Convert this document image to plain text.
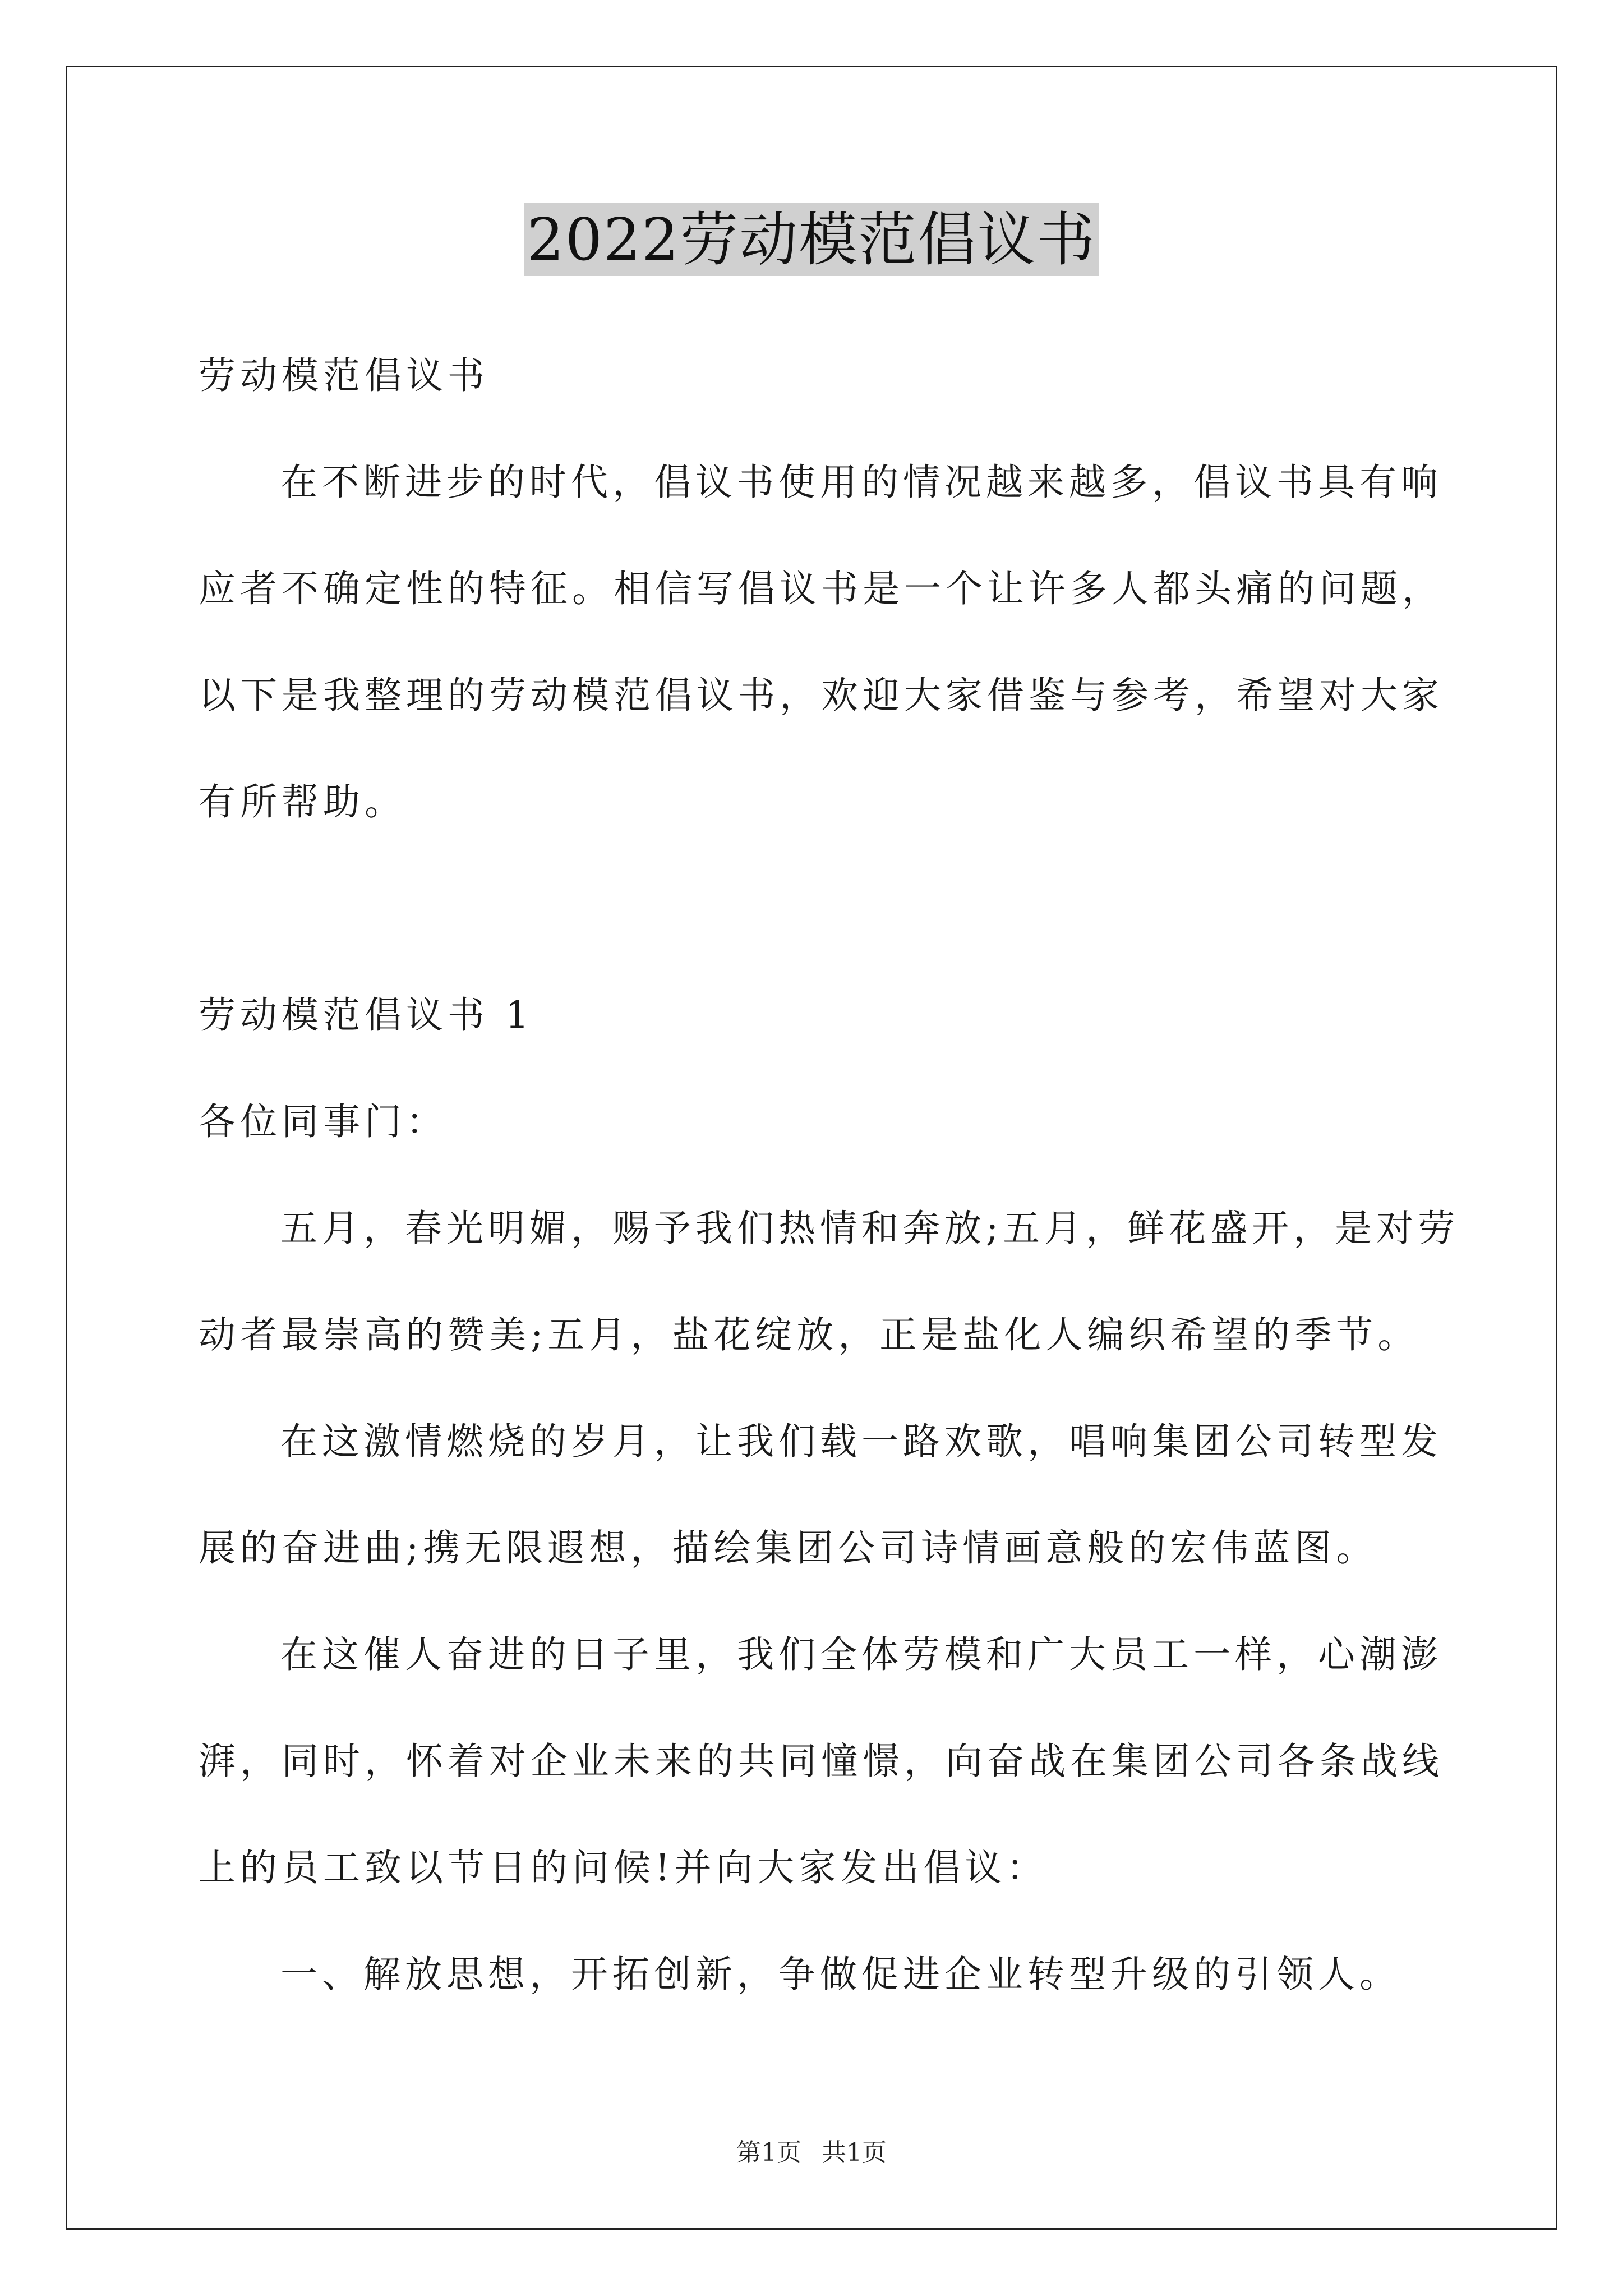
2022劳动模范倡议书
劳动模范倡议书
在不断进步的时代，倡议书使用的情况越来越多，倡议书具有响
应者不确定性的特征。相信写倡议书是一个让许多人都头痛的问题，
以下是我整理的劳动模范倡议书，欢迎大家借鉴与参考，希望对大家
有所帮助。
劳动模范倡议书 1
各位同事门：
五月，春光明媚，赐予我们热情和奔放;五月，鲜花盛开，是对劳
动者最崇高的赞美;五月，盐花绽放，正是盐化人编织希望的季节。
在这激情燃烧的岁月，让我们载一路欢歌，唱响集团公司转型发
展的奋进曲;携无限遐想，描绘集团公司诗情画意般的宏伟蓝图。
在这催人奋进的日子里，我们全体劳模和广大员工一样，心潮澎
湃，同时，怀着对企业未来的共同憧憬，向奋战在集团公司各条战线
上的员工致以节日的问候!并向大家发出倡议：
一、解放思想，开拓创新，争做促进企业转型升级的引领人。
第1页 共1页
